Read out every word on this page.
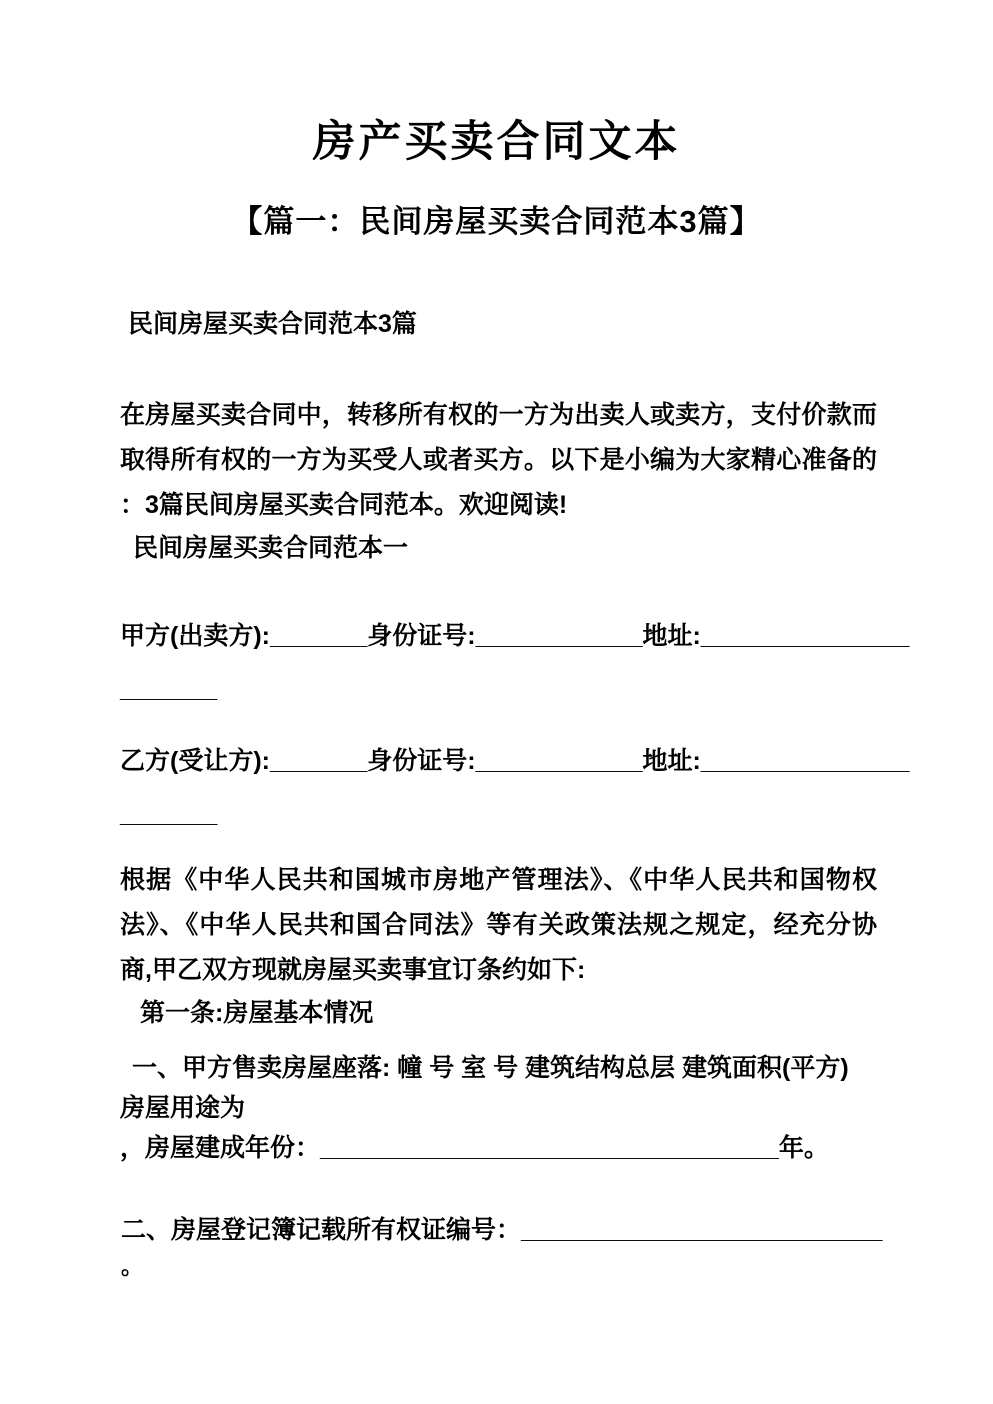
房产买卖合同文本
【篇一：民间房屋买卖合同范本3篇】
民间房屋买卖合同范本3篇
在房屋买卖合同中，转移所有权的一方为出卖人或卖方，支付价款而
取得所有权的一方为买受人或者买方。以下是小编为大家精心准备的
：3篇民间房屋买卖合同范本。欢迎阅读!
民间房屋买卖合同范本一
甲方(出卖方):_______身份证号:____________地址:_______________
_______
乙方(受让方):_______身份证号:____________地址:_______________
_______
根据《中华人民共和国城市房地产管理法》、《中华人民共和国物权
法》、《中华人民共和国合同法》等有关政策法规之规定，经充分协
商,甲乙双方现就房屋买卖事宜订条约如下:
第一条:房屋基本情况
一、甲方售卖房屋座落: 幢 号 室 号 建筑结构总层 建筑面积(平方)
房屋用途为
，房屋建成年份：_________________________________年。
二、房屋登记簿记载所有权证编号：__________________________
。
